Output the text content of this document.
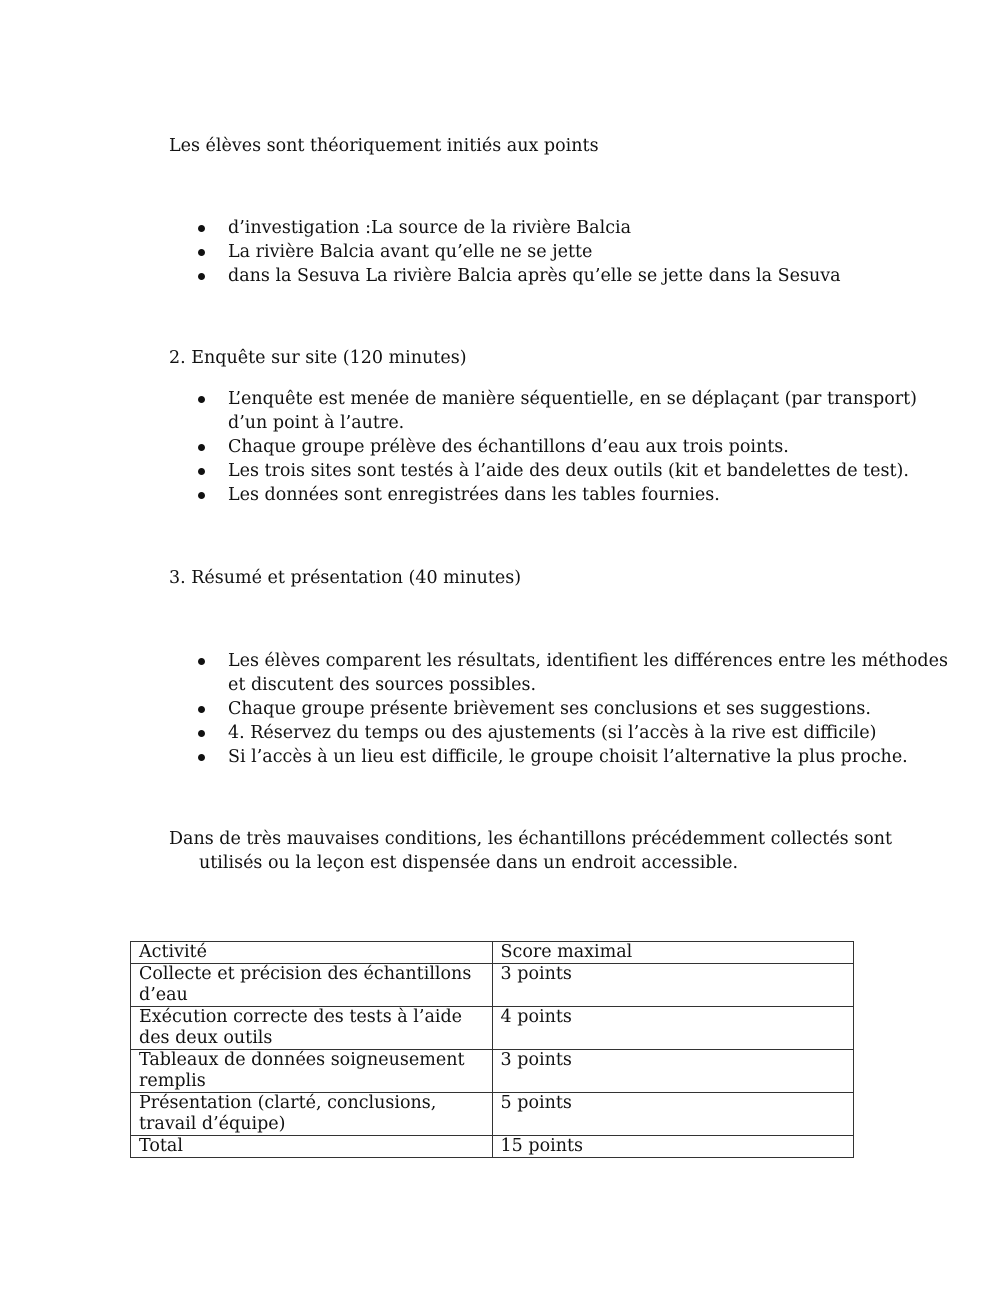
Les élèves sont théoriquement initiés aux points

d’investigation :La source de la rivière Balcia
La rivière Balcia avant qu’elle ne se jette
dans la Sesuva La rivière Balcia après qu’elle se jette dans la Sesuva

2. Enquête sur site (120 minutes)

L’enquête est menée de manière séquentielle, en se déplaçant (par transport) d’un point à l’autre.
Chaque groupe prélève des échantillons d’eau aux trois points.
Les trois sites sont testés à l’aide des deux outils (kit et bandelettes de test).
Les données sont enregistrées dans les tables fournies.

3. Résumé et présentation (40 minutes)

Les élèves comparent les résultats, identifient les différences entre les méthodes et discutent des sources possibles.
Chaque groupe présente brièvement ses conclusions et ses suggestions.
4. Réservez du temps ou des ajustements (si l’accès à la rive est difficile)
Si l’accès à un lieu est difficile, le groupe choisit l’alternative la plus proche.

Dans de très mauvaises conditions, les échantillons précédemment collectés sont utilisés ou la leçon est dispensée dans un endroit accessible.

Activité	Score maximal
Collecte et précision des échantillons d’eau	3 points
Exécution correcte des tests à l’aide des deux outils	4 points
Tableaux de données soigneusement remplis	3 points
Présentation (clarté, conclusions, travail d’équipe)	5 points
Total	15 points
